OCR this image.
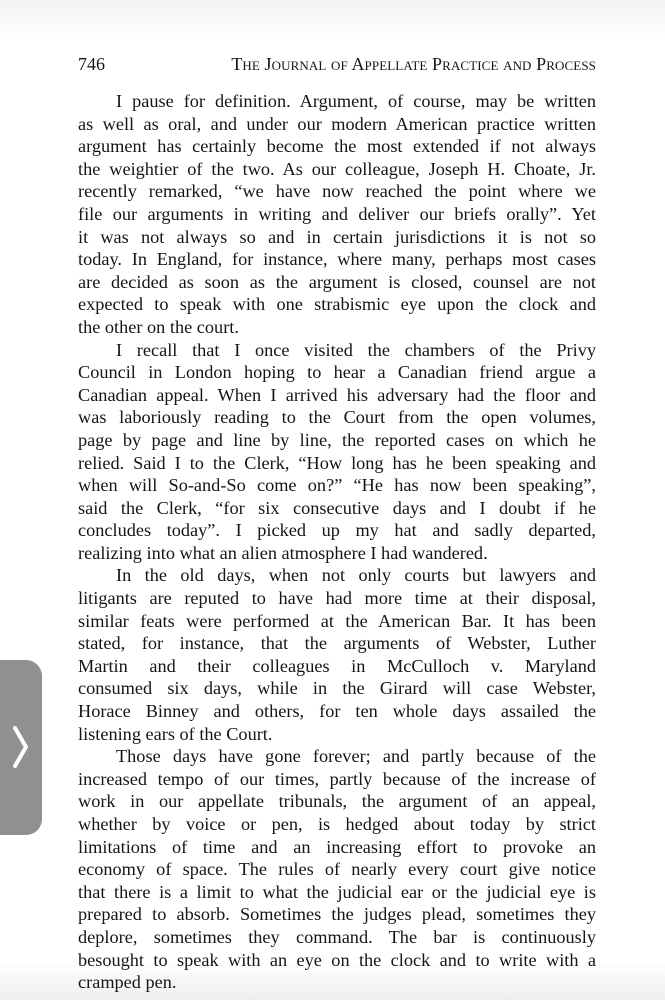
746	The Journal of Appellate Practice and Process
I pause for definition. Argument, of course, may be written
as well as oral, and under our modern American practice written
argument has certainly become the most extended if not always
the weightier of the two. As our colleague, Joseph H. Choate, Jr.
recently remarked, “we have now reached the point where we
file our arguments in writing and deliver our briefs orally”. Yet
it was not always so and in certain jurisdictions it is not so
today. In England, for instance, where many, perhaps most cases
are decided as soon as the argument is closed, counsel are not
expected to speak with one strabismic eye upon the clock and
the other on the court.
I recall that I once visited the chambers of the Privy
Council in London hoping to hear a Canadian friend argue a
Canadian appeal. When I arrived his adversary had the floor and
was laboriously reading to the Court from the open volumes,
page by page and line by line, the reported cases on which he
relied. Said I to the Clerk, “How long has he been speaking and
when will So-and-So come on?” “He has now been speaking”,
said the Clerk, “for six consecutive days and I doubt if he
concludes today”. I picked up my hat and sadly departed,
realizing into what an alien atmosphere I had wandered.
In the old days, when not only courts but lawyers and
litigants are reputed to have had more time at their disposal,
similar feats were performed at the American Bar. It has been
stated, for instance, that the arguments of Webster, Luther
Martin and their colleagues in McCulloch v. Maryland
consumed six days, while in the Girard will case Webster,
Horace Binney and others, for ten whole days assailed the
listening ears of the Court.
Those days have gone forever; and partly because of the
increased tempo of our times, partly because of the increase of
work in our appellate tribunals, the argument of an appeal,
whether by voice or pen, is hedged about today by strict
limitations of time and an increasing effort to provoke an
economy of space. The rules of nearly every court give notice
that there is a limit to what the judicial ear or the judicial eye is
prepared to absorb. Sometimes the judges plead, sometimes they
deplore, sometimes they command. The bar is continuously
besought to speak with an eye on the clock and to write with a
cramped pen.
